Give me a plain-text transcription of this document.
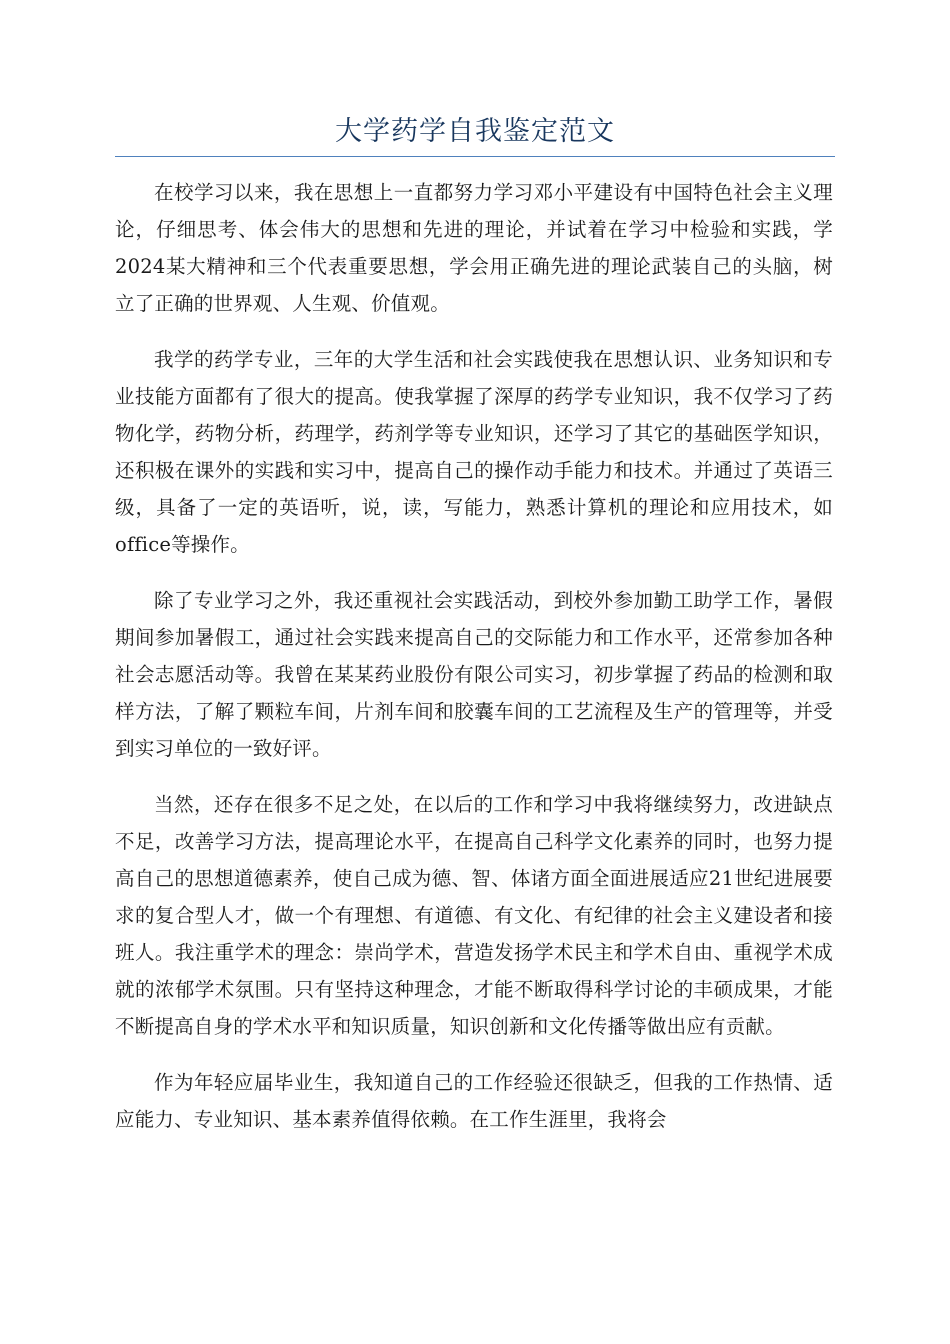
大学药学自我鉴定范文

在校学习以来，我在思想上一直都努力学习邓小平建设有中国特色社会主义理论，仔细思考、体会伟大的思想和先进的理论，并试着在学习中检验和实践，学2024某大精神和三个代表重要思想，学会用正确先进的理论武装自己的头脑，树立了正确的世界观、人生观、价值观。

我学的药学专业，三年的大学生活和社会实践使我在思想认识、业务知识和专业技能方面都有了很大的提高。使我掌握了深厚的药学专业知识，我不仅学习了药物化学，药物分析，药理学，药剂学等专业知识，还学习了其它的基础医学知识，还积极在课外的实践和实习中，提高自己的操作动手能力和技术。并通过了英语三级，具备了一定的英语听，说，读，写能力，熟悉计算机的理论和应用技术，如office等操作。

除了专业学习之外，我还重视社会实践活动，到校外参加勤工助学工作，暑假期间参加暑假工，通过社会实践来提高自己的交际能力和工作水平，还常参加各种社会志愿活动等。我曾在某某药业股份有限公司实习，初步掌握了药品的检测和取样方法，了解了颗粒车间，片剂车间和胶囊车间的工艺流程及生产的管理等，并受到实习单位的一致好评。

当然，还存在很多不足之处，在以后的工作和学习中我将继续努力，改进缺点不足，改善学习方法，提高理论水平，在提高自己科学文化素养的同时，也努力提高自己的思想道德素养，使自己成为德、智、体诸方面全面进展适应21世纪进展要求的复合型人才，做一个有理想、有道德、有文化、有纪律的社会主义建设者和接班人。我注重学术的理念：崇尚学术，营造发扬学术民主和学术自由、重视学术成就的浓郁学术氛围。只有坚持这种理念，才能不断取得科学讨论的丰硕成果，才能不断提高自身的学术水平和知识质量，知识创新和文化传播等做出应有贡献。

作为年轻应届毕业生，我知道自己的工作经验还很缺乏，但我的工作热情、适应能力、专业知识、基本素养值得依赖。在工作生涯里，我将会
